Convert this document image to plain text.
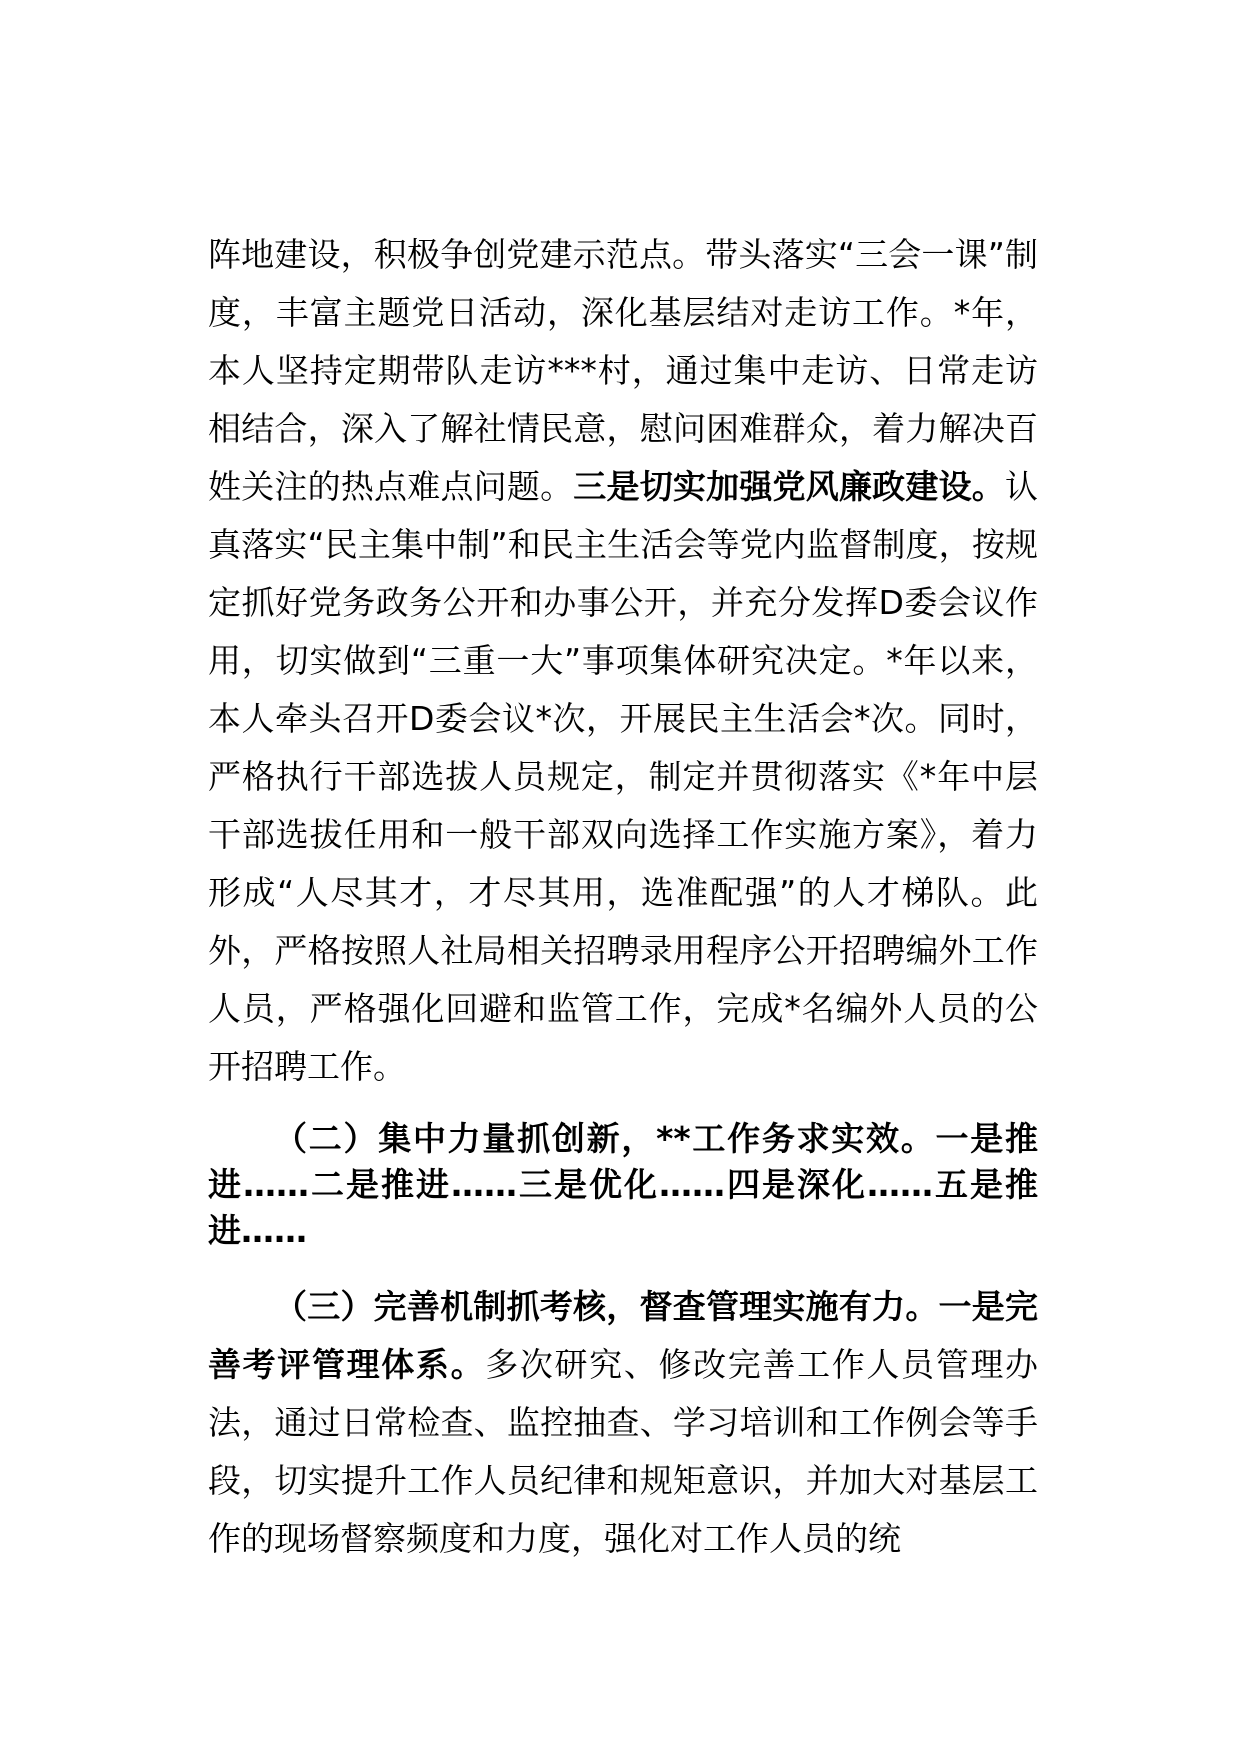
阵地建设，积极争创党建示范点。带头落实“三会一课”制度，丰富主题党日活动，深化基层结对走访工作。*年，本人坚持定期带队走访***村，通过集中走访、日常走访相结合，深入了解社情民意，慰问困难群众，着力解决百姓关注的热点难点问题。三是切实加强党风廉政建设。认真落实“民主集中制”和民主生活会等党内监督制度，按规定抓好党务政务公开和办事公开，并充分发挥D委会议作用，切实做到“三重一大”事项集体研究决定。*年以来，本人牵头召开D委会议*次，开展民主生活会*次。同时，严格执行干部选拔人员规定，制定并贯彻落实《*年中层干部选拔任用和一般干部双向选择工作实施方案》，着力形成“人尽其才，才尽其用，选准配强”的人才梯队。此外，严格按照人社局相关招聘录用程序公开招聘编外工作人员，严格强化回避和监管工作，完成*名编外人员的公开招聘工作。

（二）集中力量抓创新，**工作务求实效。一是推进……二是推进……三是优化……四是深化……五是推进……

（三）完善机制抓考核，督查管理实施有力。一是完善考评管理体系。多次研究、修改完善工作人员管理办法，通过日常检查、监控抽查、学习培训和工作例会等手段，切实提升工作人员纪律和规矩意识，并加大对基层工作的现场督察频度和力度，强化对工作人员的统
